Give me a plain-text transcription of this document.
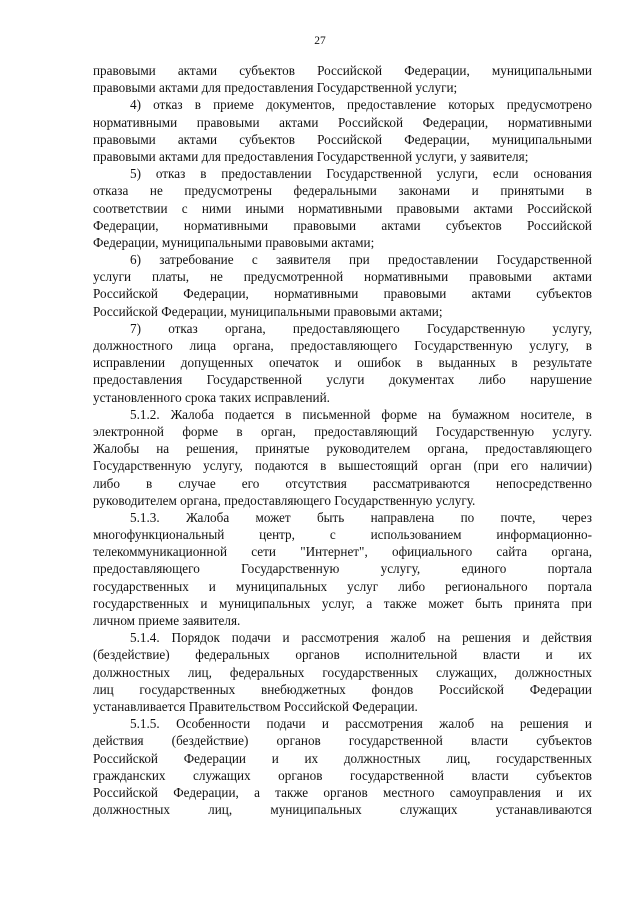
27
правовыми актами субъектов Российской Федерации, муниципальными
правовыми актами для предоставления Государственной услуги;
4) отказ в приеме документов, предоставление которых предусмотрено
нормативными правовыми актами Российской Федерации, нормативными
правовыми актами субъектов Российской Федерации, муниципальными
правовыми актами для предоставления Государственной услуги, у заявителя;
5) отказ в предоставлении Государственной услуги, если основания
отказа не предусмотрены федеральными законами и принятыми в
соответствии с ними иными нормативными правовыми актами Российской
Федерации, нормативными правовыми актами субъектов Российской
Федерации, муниципальными правовыми актами;
6) затребование с заявителя при предоставлении Государственной
услуги платы, не предусмотренной нормативными правовыми актами
Российской Федерации, нормативными правовыми актами субъектов
Российской Федерации, муниципальными правовыми актами;
7) отказ органа, предоставляющего Государственную услугу,
должностного лица органа, предоставляющего Государственную услугу, в
исправлении допущенных опечаток и ошибок в выданных в результате
предоставления Государственной услуги документах либо нарушение
установленного срока таких исправлений.
5.1.2. Жалоба подается в письменной форме на бумажном носителе, в
электронной форме в орган, предоставляющий Государственную услугу.
Жалобы на решения, принятые руководителем органа, предоставляющего
Государственную услугу, подаются в вышестоящий орган (при его наличии)
либо в случае его отсутствия рассматриваются непосредственно
руководителем органа, предоставляющего Государственную услугу.
5.1.3. Жалоба может быть направлена по почте, через
многофункциональный центр, с использованием информационно-
телекоммуникационной сети "Интернет", официального сайта органа,
предоставляющего Государственную услугу, единого портала
государственных и муниципальных услуг либо регионального портала
государственных и муниципальных услуг, а также может быть принята при
личном приеме заявителя.
5.1.4. Порядок подачи и рассмотрения жалоб на решения и действия
(бездействие) федеральных органов исполнительной власти и их
должностных лиц, федеральных государственных служащих, должностных
лиц государственных внебюджетных фондов Российской Федерации
устанавливается Правительством Российской Федерации.
5.1.5. Особенности подачи и рассмотрения жалоб на решения и
действия (бездействие) органов государственной власти субъектов
Российской Федерации и их должностных лиц, государственных
гражданских служащих органов государственной власти субъектов
Российской Федерации, а также органов местного самоуправления и их
должностных лиц, муниципальных служащих устанавливаются
